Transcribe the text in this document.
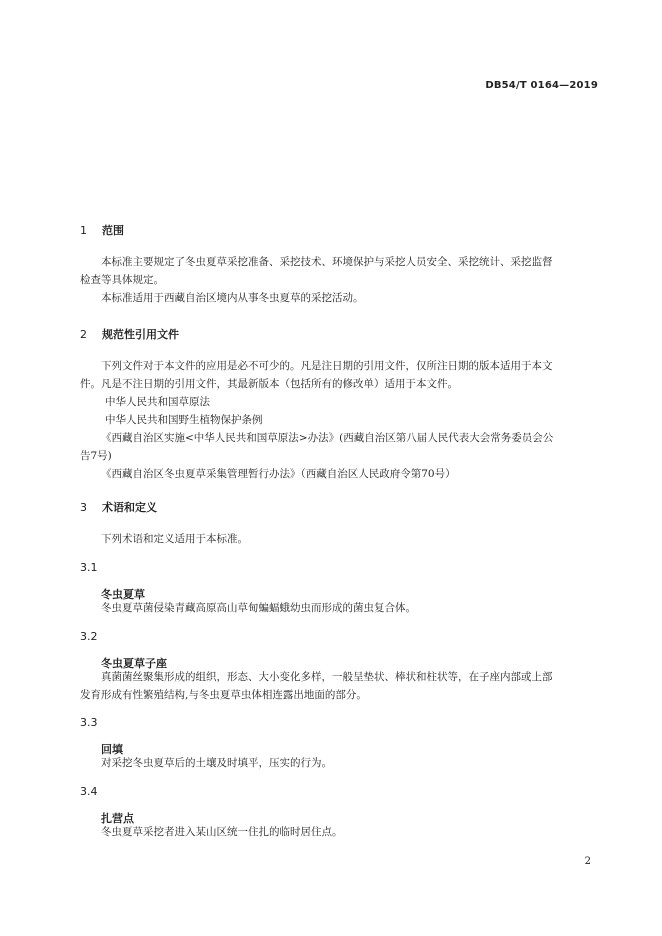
DB54/T 0164—2019
1 范围
本标准主要规定了冬虫夏草采挖准备、采挖技术、环境保护与采挖人员安全、采挖统计、采挖监督
检查等具体规定。
本标准适用于西藏自治区境内从事冬虫夏草的采挖活动。
2 规范性引用文件
下列文件对于本文件的应用是必不可少的。凡是注日期的引用文件，仅所注日期的版本适用于本文
件。凡是不注日期的引用文件，其最新版本（包括所有的修改单）适用于本文件。
中华人民共和国草原法
中华人民共和国野生植物保护条例
《西藏自治区实施<中华人民共和国草原法>办法》(西藏自治区第八届人民代表大会常务委员会公
告7号)
《西藏自治区冬虫夏草采集管理暂行办法》（西藏自治区人民政府令第70号）
3 术语和定义
下列术语和定义适用于本标准。
3.1
冬虫夏草
冬虫夏草菌侵染青藏高原高山草甸蝙蝠蛾幼虫而形成的菌虫复合体。
3.2
冬虫夏草子座
真菌菌丝聚集形成的组织，形态、大小变化多样，一般呈垫状、棒状和柱状等，在子座内部或上部
发育形成有性繁殖结构,与冬虫夏草虫体相连露出地面的部分。
3.3
回填
对采挖冬虫夏草后的土壤及时填平，压实的行为。
3.4
扎营点
冬虫夏草采挖者进入某山区统一住扎的临时居住点。
2
